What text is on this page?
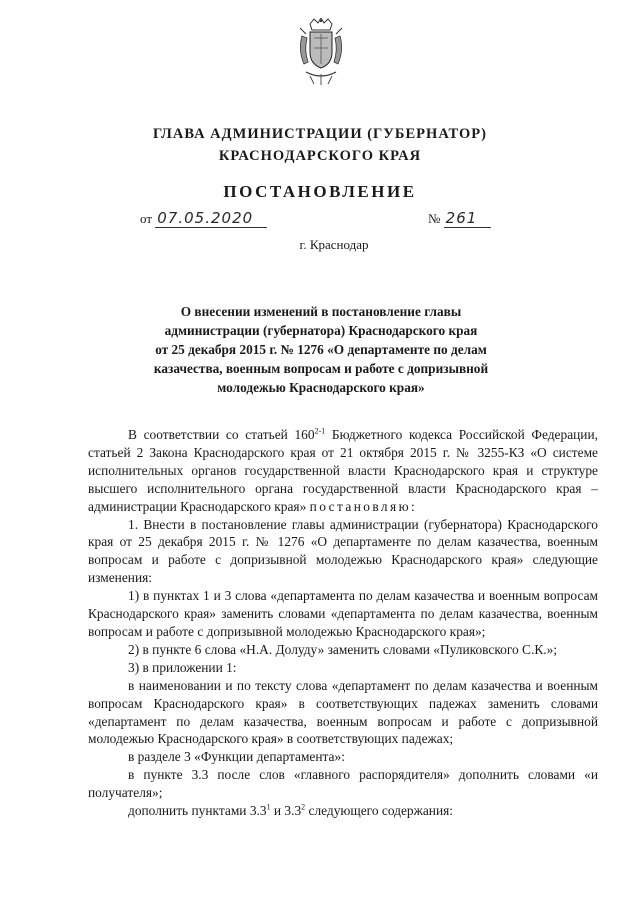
ГЛАВА АДМИНИСТРАЦИИ (ГУБЕРНАТОР)
КРАСНОДАРСКОГО КРАЯ
ПОСТАНОВЛЕНИЕ
от 07.05.2020	№ 261
г. Краснодар
О внесении изменений в постановление главы
администрации (губернатора) Краснодарского края
от 25 декабря 2015 г. № 1276 «О департаменте по делам
казачества, военным вопросам и работе с допризывной
молодежью Краснодарского края»

В соответствии со статьей 160$^{2-1}$ Бюджетного кодекса Российской Федерации, статьей 2 Закона Краснодарского края от 21 октября 2015 г. № 3255-КЗ «О системе исполнительных органов государственной власти Краснодарского края и структуре высшего исполнительного органа государственной власти Краснодарского края – администрации Краснодарского края» постановляю:

1. Внести в постановление главы администрации (губернатора) Краснодарского края от 25 декабря 2015 г. № 1276 «О департаменте по делам казачества, военным вопросам и работе с допризывной молодежью Краснодарского края» следующие изменения:

1) в пунктах 1 и 3 слова «департамента по делам казачества и военным вопросам Краснодарского края» заменить словами «департамента по делам казачества, военным вопросам и работе с допризывной молодежью Краснодарского края»;

2) в пункте 6 слова «Н.А. Долуду» заменить словами «Пуликовского С.К.»;

3) в приложении 1:

в наименовании и по тексту слова «департамент по делам казачества и военным вопросам Краснодарского края» в соответствующих падежах заменить словами «департамент по делам казачества, военным вопросам и работе с допризывной молодежью Краснодарского края» в соответствующих падежах;

в разделе 3 «Функции департамента»:

в пункте 3.3 после слов «главного распорядителя» дополнить словами «и получателя»;

дополнить пунктами $3.3^1$ и $3.3^2$ следующего содержания:
